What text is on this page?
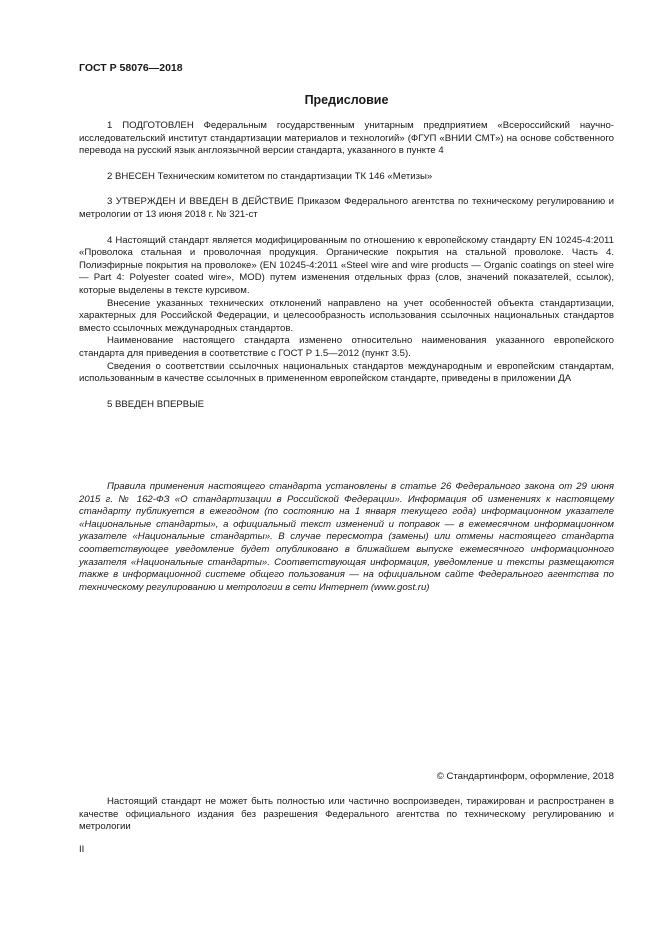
ГОСТ Р 58076—2018
Предисловие

1 ПОДГОТОВЛЕН Федеральным государственным унитарным предприятием «Всероссийский научно-исследовательский институт стандартизации материалов и технологий» (ФГУП «ВНИИ СМТ») на основе собственного перевода на русский язык англоязычной версии стандарта, указанного в пункте 4

2 ВНЕСЕН Техническим комитетом по стандартизации ТК 146 «Метизы»

3 УТВЕРЖДЕН И ВВЕДЕН В ДЕЙСТВИЕ Приказом Федерального агентства по техническому регулированию и метрологии от 13 июня 2018 г. № 321-ст

4 Настоящий стандарт является модифицированным по отношению к европейскому стандарту EN 10245-4:2011 «Проволока стальная и проволочная продукция. Органические покрытия на стальной проволоке. Часть 4. Полиэфирные покрытия на проволоке» (EN 10245-4:2011 «Steel wire and wire products — Organic coatings on steel wire — Part 4: Polyester coated wire», MOD) путем изменения отдельных фраз (слов, значений показателей, ссылок), которые выделены в тексте курсивом.

Внесение указанных технических отклонений направлено на учет особенностей объекта стандартизации, характерных для Российской Федерации, и целесообразность использования ссылочных национальных стандартов вместо ссылочных международных стандартов.

Наименование настоящего стандарта изменено относительно наименования указанного европейского стандарта для приведения в соответствие с ГОСТ Р 1.5—2012 (пункт 3.5).

Сведения о соответствии ссылочных национальных стандартов международным и европейским стандартам, использованным в качестве ссылочных в примененном европейском стандарте, приведены в приложении ДА

5 ВВЕДЕН ВПЕРВЫЕ

Правила применения настоящего стандарта установлены в статье 26 Федерального закона от 29 июня 2015 г. № 162-ФЗ «О стандартизации в Российской Федерации». Информация об изменениях к настоящему стандарту публикуется в ежегодном (по состоянию на 1 января текущего года) информационном указателе «Национальные стандарты», а официальный текст изменений и поправок — в ежемесячном информационном указателе «Национальные стандарты». В случае пересмотра (замены) или отмены настоящего стандарта соответствующее уведомление будет опубликовано в ближайшем выпуске ежемесячного информационного указателя «Национальные стандарты». Соответствующая информация, уведомление и тексты размещаются также в информационной системе общего пользования — на официальном сайте Федерального агентства по техническому регулированию и метрологии в сети Интернет (www.gost.ru)

© Стандартинформ, оформление, 2018

Настоящий стандарт не может быть полностью или частично воспроизведен, тиражирован и распространен в качестве официального издания без разрешения Федерального агентства по техническому регулированию и метрологии

II
